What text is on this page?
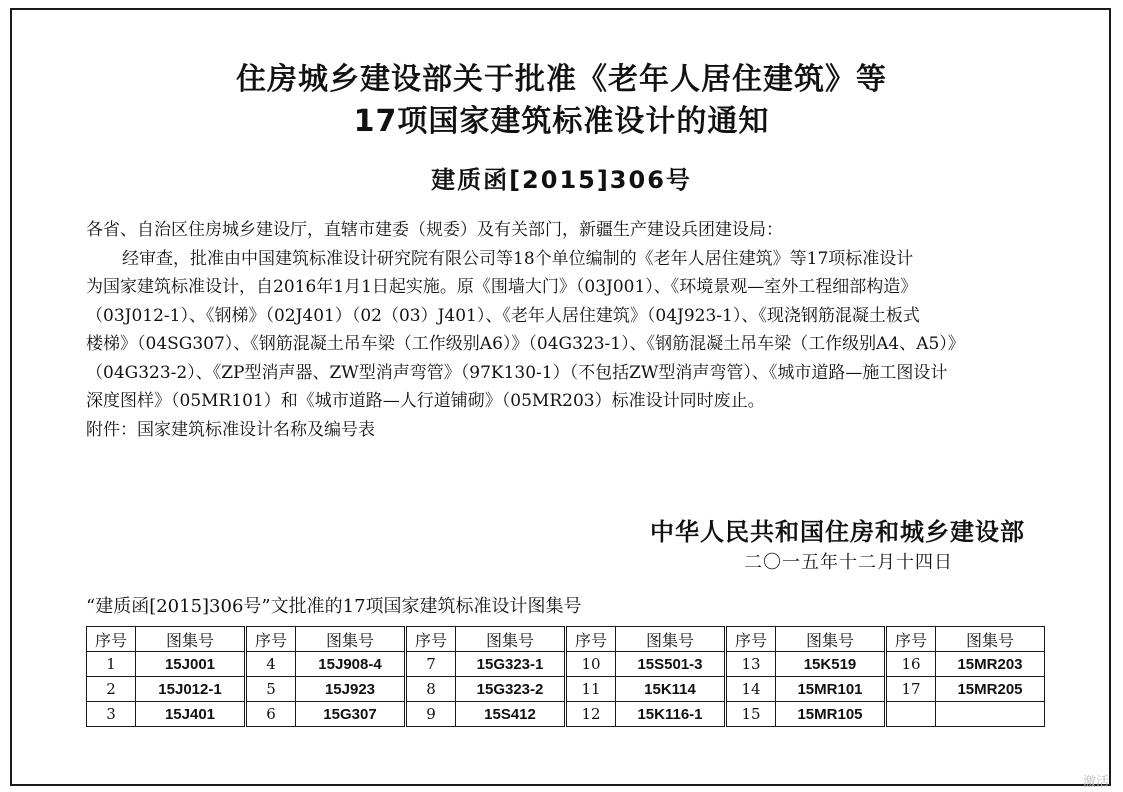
住房城乡建设部关于批准《老年人居住建筑》等
17项国家建筑标准设计的通知
建质函[2015]306号
各省、自治区住房城乡建设厅，直辖市建委（规委）及有关部门，新疆生产建设兵团建设局：
经审查，批准由中国建筑标准设计研究院有限公司等18个单位编制的《老年人居住建筑》等17项标准设计
为国家建筑标准设计，自2016年1月1日起实施。原《围墙大门》（03J001）、《环境景观—室外工程细部构造》
（03J012-1）、《钢梯》（02J401）（02（03）J401）、《老年人居住建筑》（04J923-1）、《现浇钢筋混凝土板式
楼梯》（04SG307）、《钢筋混凝土吊车梁（工作级别A6）》（04G323-1）、《钢筋混凝土吊车梁（工作级别A4、A5）》
（04G323-2）、《ZP型消声器、ZW型消声弯管》（97K130-1）（不包括ZW型消声弯管）、《城市道路—施工图设计
深度图样》（05MR101）和《城市道路—人行道铺砌》（05MR203）标准设计同时废止。
附件：国家建筑标准设计名称及编号表
中华人民共和国住房和城乡建设部
二〇一五年十二月十四日
“建质函[2015]306号”文批准的17项国家建筑标准设计图集号
序号	图集号	序号	图集号	序号	图集号	序号	图集号	序号	图集号	序号	图集号
1	15J001	4	15J908-4	7	15G323-1	10	15S501-3	13	15K519	16	15MR203
2	15J012-1	5	15J923	8	15G323-2	11	15K114	14	15MR101	17	15MR205
3	15J401	6	15G307	9	15S412	12	15K116-1	15	15MR105		
激活
